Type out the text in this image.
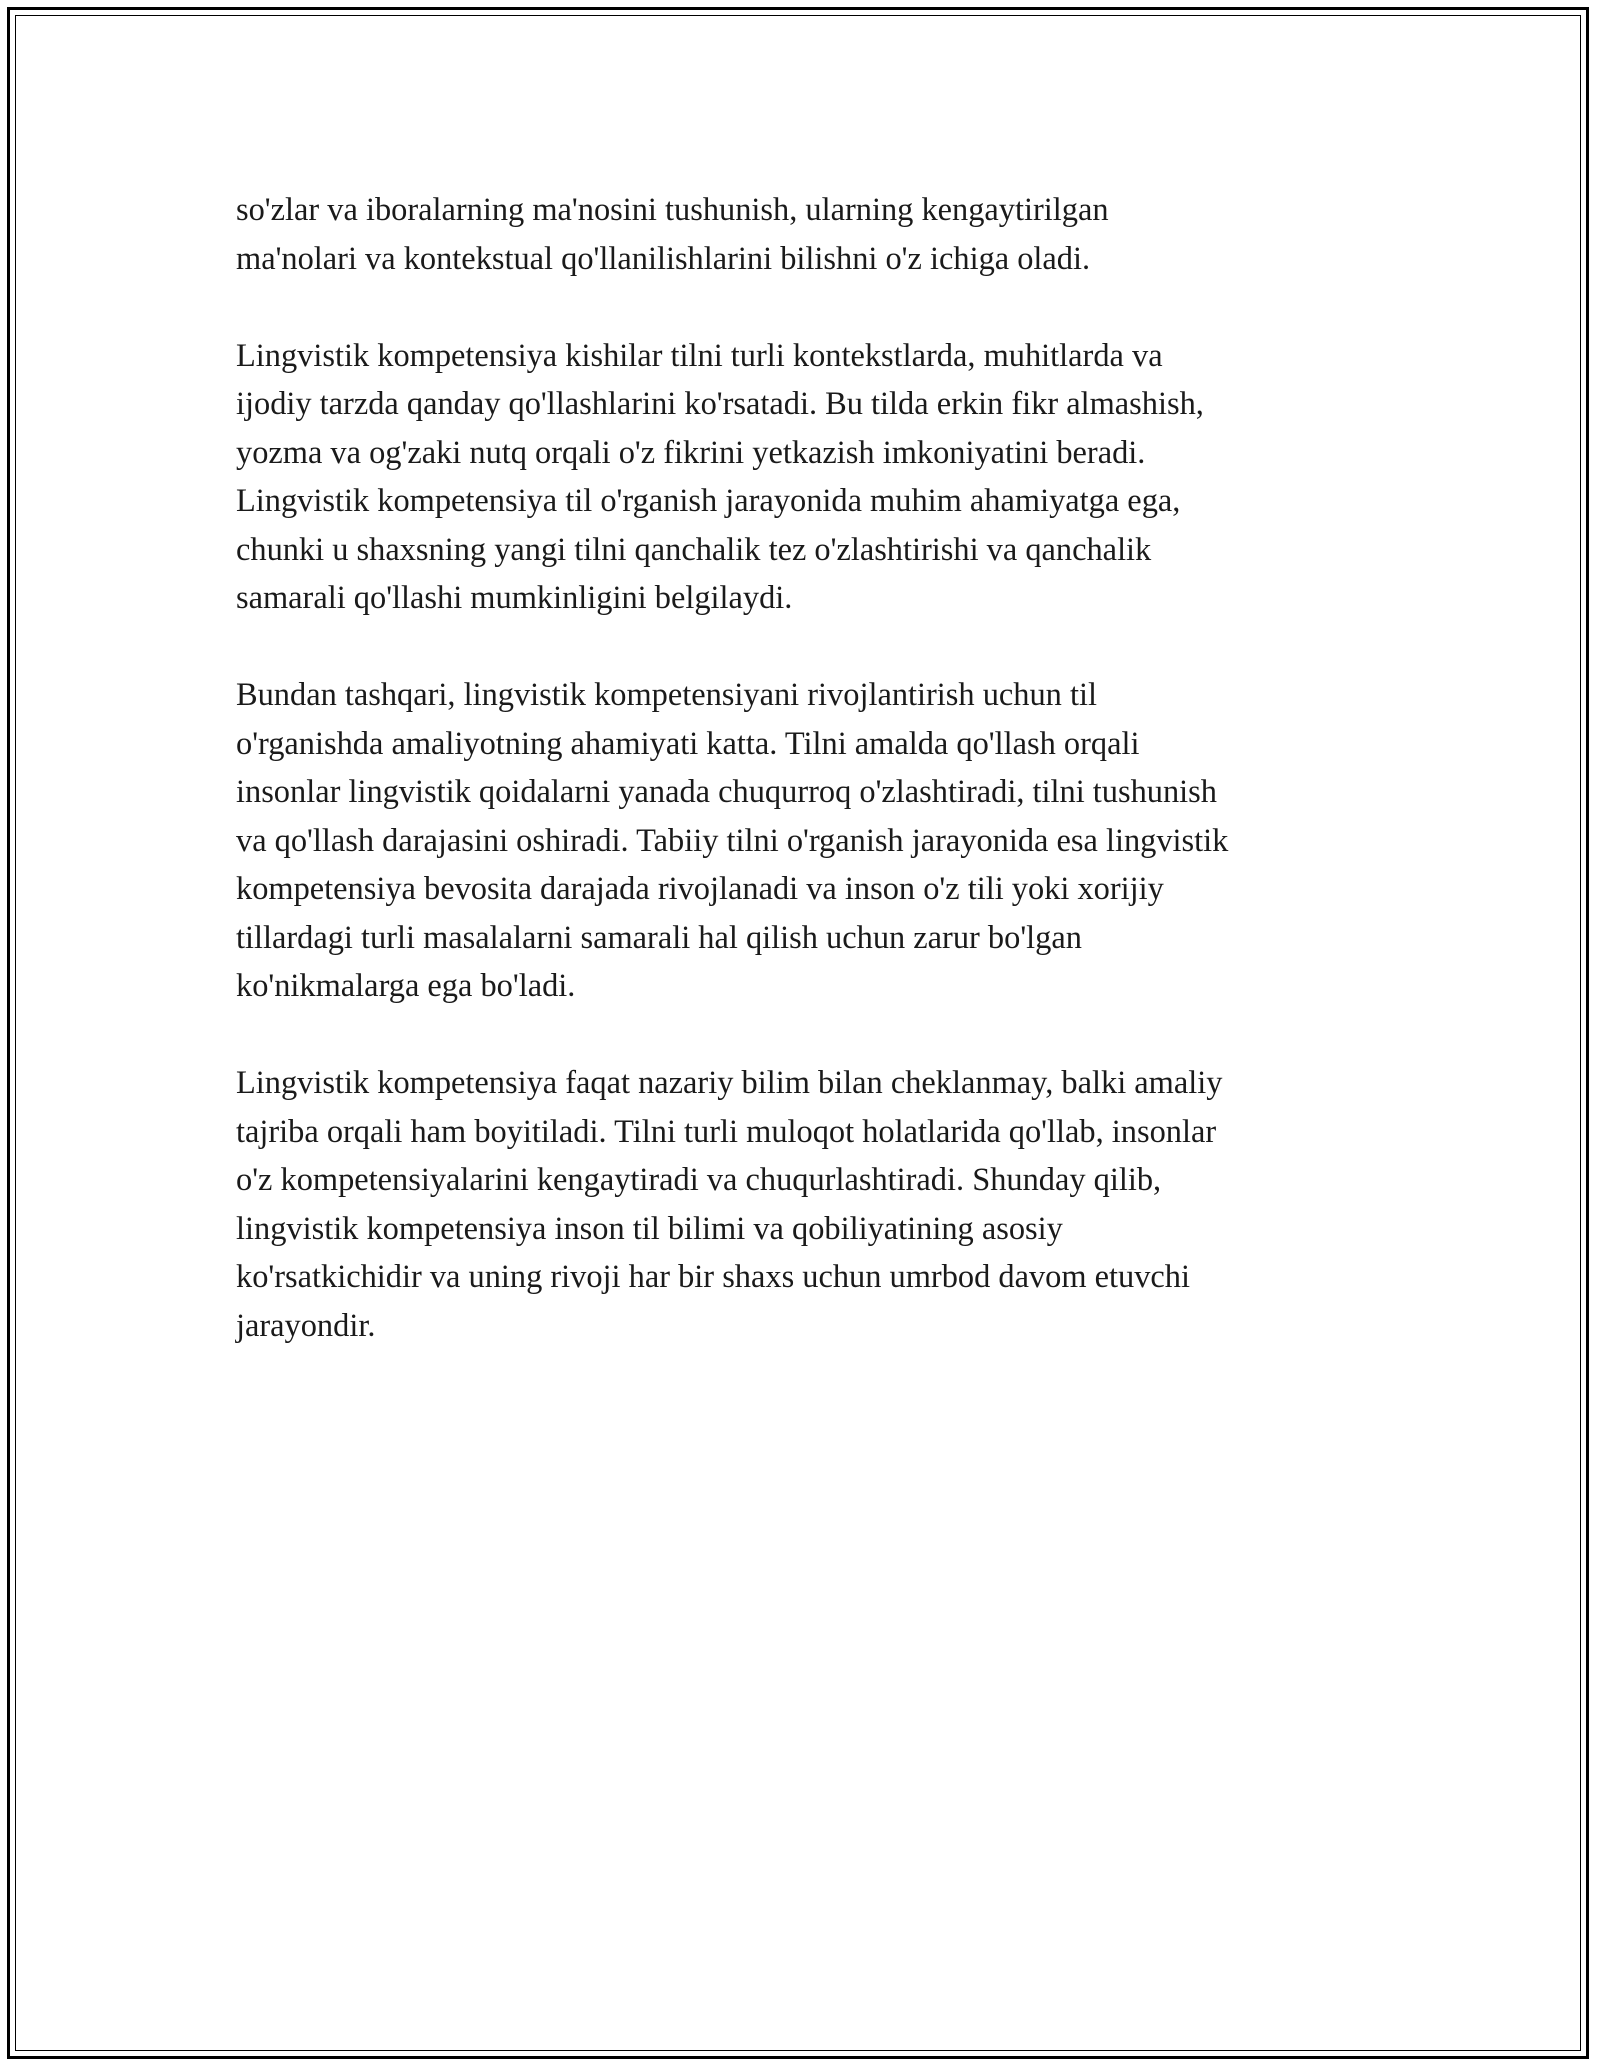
so'zlar va iboralarning ma'nosini tushunish, ularning kengaytirilgan
ma'nolari va kontekstual qo'llanilishlarini bilishni o'z ichiga oladi.
Lingvistik kompetensiya kishilar tilni turli kontekstlarda, muhitlarda va
ijodiy tarzda qanday qo'llashlarini ko'rsatadi. Bu tilda erkin fikr almashish,
yozma va og'zaki nutq orqali o'z fikrini yetkazish imkoniyatini beradi.
Lingvistik kompetensiya til o'rganish jarayonida muhim ahamiyatga ega,
chunki u shaxsning yangi tilni qanchalik tez o'zlashtirishi va qanchalik
samarali qo'llashi mumkinligini belgilaydi.
Bundan tashqari, lingvistik kompetensiyani rivojlantirish uchun til
o'rganishda amaliyotning ahamiyati katta. Tilni amalda qo'llash orqali
insonlar lingvistik qoidalarni yanada chuqurroq o'zlashtiradi, tilni tushunish
va qo'llash darajasini oshiradi. Tabiiy tilni o'rganish jarayonida esa lingvistik
kompetensiya bevosita darajada rivojlanadi va inson o'z tili yoki xorijiy
tillardagi turli masalalarni samarali hal qilish uchun zarur bo'lgan
ko'nikmalarga ega bo'ladi.
Lingvistik kompetensiya faqat nazariy bilim bilan cheklanmay, balki amaliy
tajriba orqali ham boyitiladi. Tilni turli muloqot holatlarida qo'llab, insonlar
o'z kompetensiyalarini kengaytiradi va chuqurlashtiradi. Shunday qilib,
lingvistik kompetensiya inson til bilimi va qobiliyatining asosiy
ko'rsatkichidir va uning rivoji har bir shaxs uchun umrbod davom etuvchi
jarayondir.
